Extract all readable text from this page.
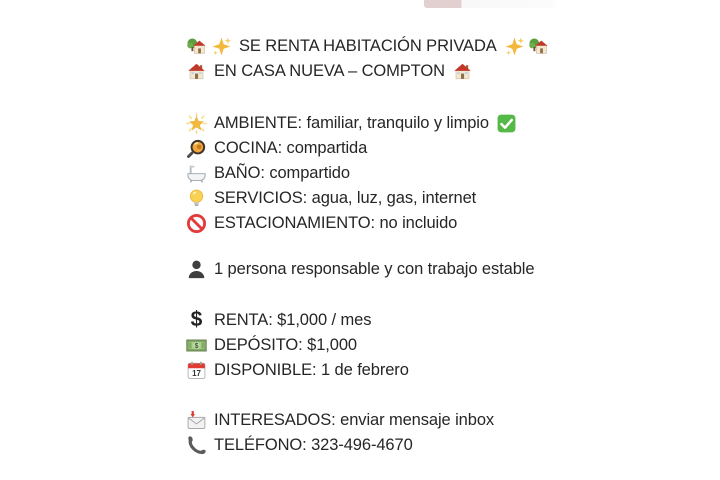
SE RENTA HABITACIÓN PRIVADA
EN CASA NUEVA – COMPTON
AMBIENTE: familiar, tranquilo y limpio
COCINA: compartida
BAÑO: compartido
SERVICIOS: agua, luz, gas, internet
ESTACIONAMIENTO: no incluido
1 persona responsable y con trabajo estable
$ RENTA: $1,000 / mes
$ DEPÓSITO: $1,000
17 DISPONIBLE: 1 de febrero
INTERESADOS: enviar mensaje inbox
TELÉFONO: 323-496-4670
